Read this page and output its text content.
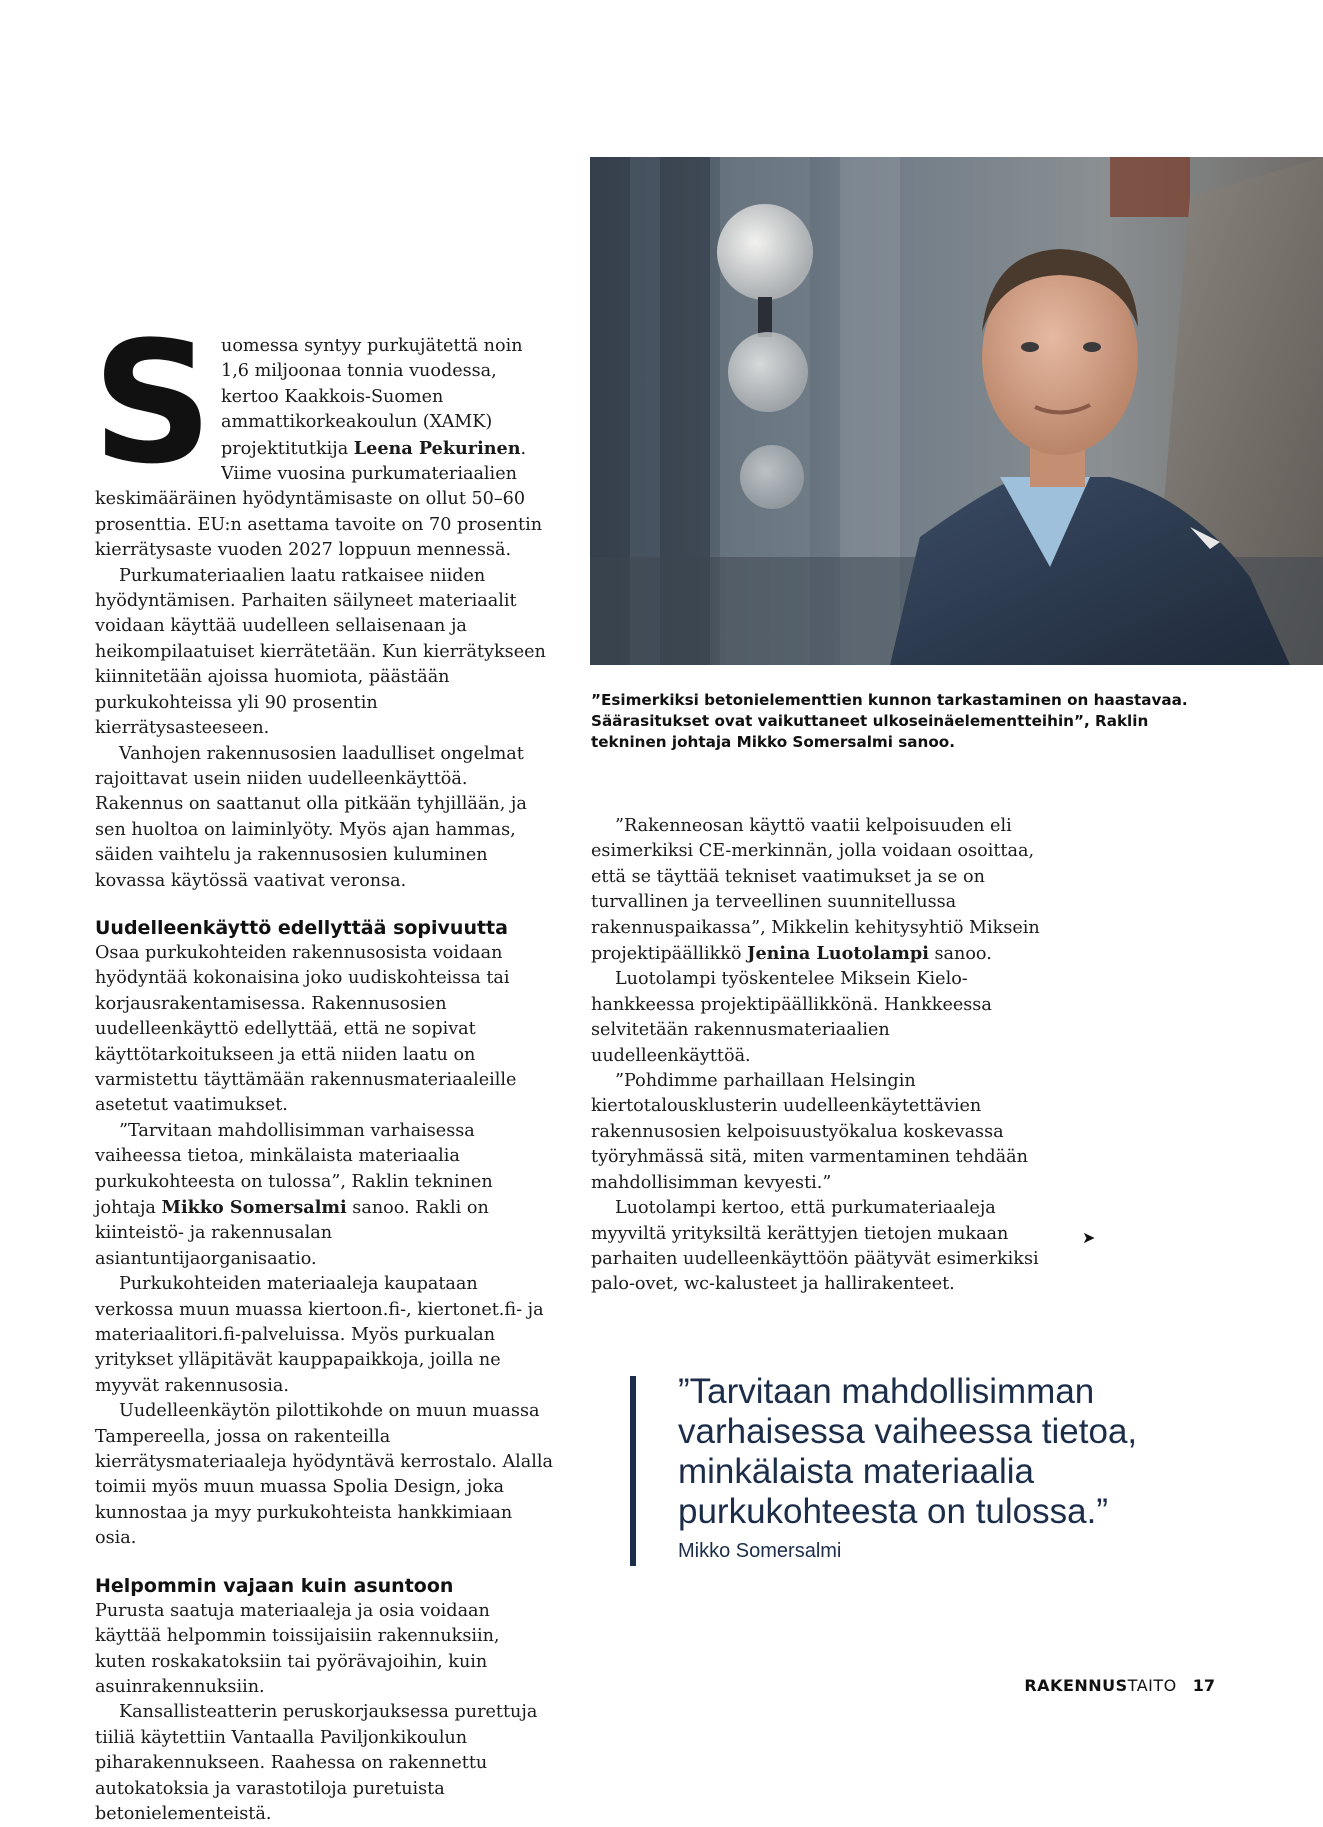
S uomessa syntyy purkujätettä noin 1,6 miljoonaa tonnia vuodessa, kertoo Kaakkois-Suomen ammattikorkeakoulun (XAMK) projektitutkija Leena Pekurinen. Viime vuosina purkumateriaalien keskimääräinen hyödyntämisaste on ollut 50–60 prosenttia. EU:n asettama tavoite on 70 prosentin kierrätysaste vuoden 2027 loppuun mennessä.

Purkumateriaalien laatu ratkaisee niiden hyödyntämisen. Parhaiten säilyneet materiaalit voidaan käyttää uudelleen sellaisenaan ja heikompilaatuiset kierrätetään. Kun kierrätykseen kiinnitetään ajoissa huomiota, päästään purkukohteissa yli 90 prosentin kierrätysasteeseen.

Vanhojen rakennusosien laadulliset ongelmat rajoittavat usein niiden uudelleenkäyttöä. Rakennus on saattanut olla pitkään tyhjillään, ja sen huoltoa on laiminlyöty. Myös ajan hammas, säiden vaihtelu ja rakennusosien kuluminen kovassa käytössä vaativat veronsa.

Uudelleenkäyttö edellyttää sopivuutta

Osaa purkukohteiden rakennusosista voidaan hyödyntää kokonaisina joko uudiskohteissa tai korjausrakentamisessa. Rakennusosien uudelleenkäyttö edellyttää, että ne sopivat käyttötarkoitukseen ja että niiden laatu on varmistettu täyttämään rakennusmateriaaleille asetetut vaatimukset.

”Tarvitaan mahdollisimman varhaisessa vaiheessa tietoa, minkälaista materiaalia purkukohteesta on tulossa”, Raklin tekninen johtaja Mikko Somersalmi sanoo. Rakli on kiinteistö- ja rakennusalan asiantuntijaorganisaatio.

Purkukohteiden materiaaleja kaupataan verkossa muun muassa kiertoon.fi-, kiertonet.fi- ja materiaalitori.fi-palveluissa. Myös purkualan yritykset ylläpitävät kauppapaikkoja, joilla ne myyvät rakennusosia.

Uudelleenkäytön pilottikohde on muun muassa Tampereella, jossa on rakenteilla kierrätysmateriaaleja hyödyntävä kerrostalo. Alalla toimii myös muun muassa Spolia Design, joka kunnostaa ja myy purkukohteista hankkimiaan osia.

Helpommin vajaan kuin asuntoon

Purusta saatuja materiaaleja ja osia voidaan käyttää helpommin toissijaisiin rakennuksiin, kuten roskakatoksiin tai pyörävajoihin, kuin asuinrakennuksiin.

Kansallisteatterin peruskorjauksessa purettuja tiiliä käytettiin Vantaalla Paviljonkikoulun piharakennukseen. Raahessa on rakennettu autokatoksia ja varastotiloja puretuista betonielementeistä.

”Esimerkiksi betonielementtien kunnon tarkastaminen on haastavaa. Säärasitukset ovat vaikuttaneet ulkoseinäelementteihin”, Raklin tekninen johtaja Mikko Somersalmi sanoo.

”Rakenneosan käyttö vaatii kelpoisuuden eli esimerkiksi CE-merkinnän, jolla voidaan osoittaa, että se täyttää tekniset vaatimukset ja se on turvallinen ja terveellinen suunnitellussa rakennuspaikassa”, Mikkelin kehitysyhtiö Miksein projektipäällikkö Jenina Luotolampi sanoo.

Luotolampi työskentelee Miksein Kielo-hankkeessa projektipäällikkönä. Hankkeessa selvitetään rakennusmateriaalien uudelleenkäyttöä.

”Pohdimme parhaillaan Helsingin kiertotalousklusterin uudelleenkäytettävien rakennusosien kelpoisuustyökalua koskevassa työryhmässä sitä, miten varmentaminen tehdään mahdollisimman kevyesti.”

Luotolampi kertoo, että purkumateriaaleja myyviltä yrityksiltä kerättyjen tietojen mukaan parhaiten uudelleenkäyttöön päätyvät esimerkiksi palo-ovet, wc-kalusteet ja hallirakenteet.

➤
”Tarvitaan mahdollisimman varhaisessa vaiheessa tietoa, minkälaista materiaalia purkukohteesta on tulossa.”
Mikko Somersalmi
RAKENNUSTAITO 17
